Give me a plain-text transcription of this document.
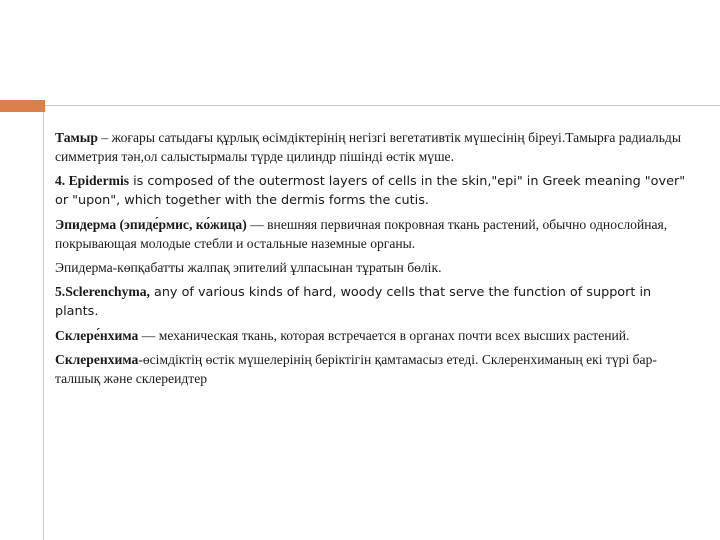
Тамыр – жоғары сатыдағы құрлық өсімдіктерінің негізгі вегетативтік мүшесінің біреуі.Тамырға радиальды симметрия тән,ол салыстырмалы түрде цилиндр пішінді өстік мүше.

4. Epidermis is composed of the outermost layers of cells in the skin,"epi" in Greek meaning "over" or "upon", which together with the dermis forms the cutis.

Эпидерма (эпиде́рмис, ко́жица) — внешняя первичная покровная ткань растений, обычно однослойная, покрывающая молодые стебли и остальные наземные органы.

Эпидерма-көпқабатты жалпақ эпителий ұлпасынан тұратын бөлік.

5.Sclerenchyma, any of various kinds of hard, woody cells that serve the function of support in plants.

Склере́нхима — механическая ткань, которая встречается в органах почти всех высших растений.

Склеренхима-өсімдіктің өстік мүшелерінің беріктігін қамтамасыз етеді. Склеренхиманың екі түрі бар- талшық және склереидтер
